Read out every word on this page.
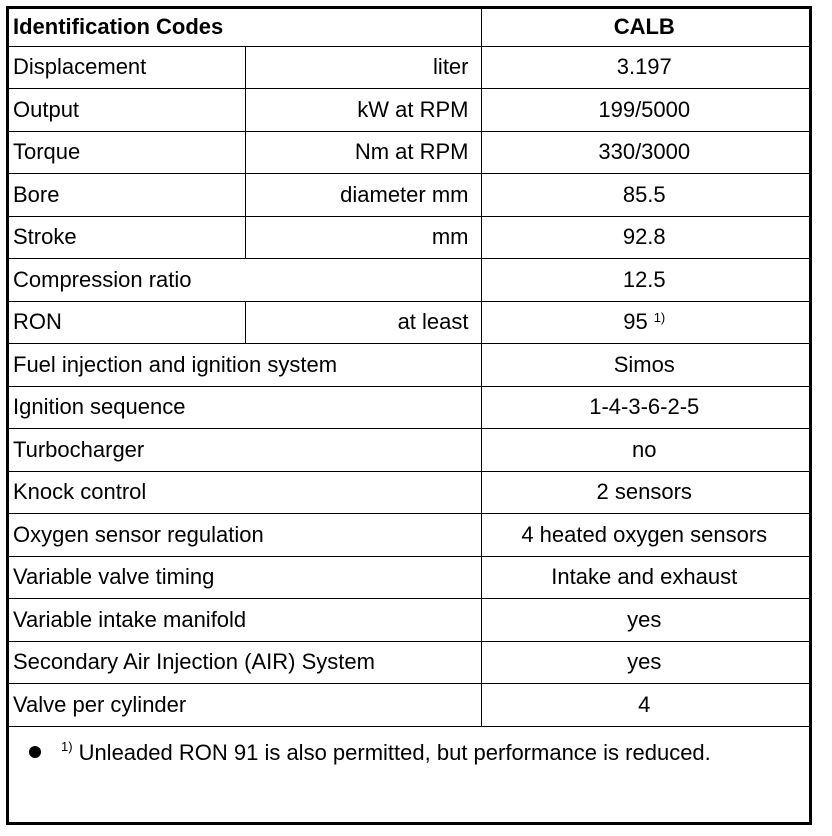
Identification Codes		CALB
Displacement	liter	3.197
Output	kW at RPM	199/5000
Torque	Nm at RPM	330/3000
Bore	diameter mm	85.5
Stroke	mm	92.8
Compression ratio		12.5
RON	at least	95 $^{1)}$
Fuel injection and ignition system		Simos
Ignition sequence		1-4-3-6-2-5
Turbocharger		no
Knock control		2 sensors
Oxygen sensor regulation		4 heated oxygen sensors
Variable valve timing		Intake and exhaust
Variable intake manifold		yes
Secondary Air Injection (AIR) System		yes
Valve per cylinder		4
$^{1)}$ Unleaded RON 91 is also permitted, but performance is reduced.
